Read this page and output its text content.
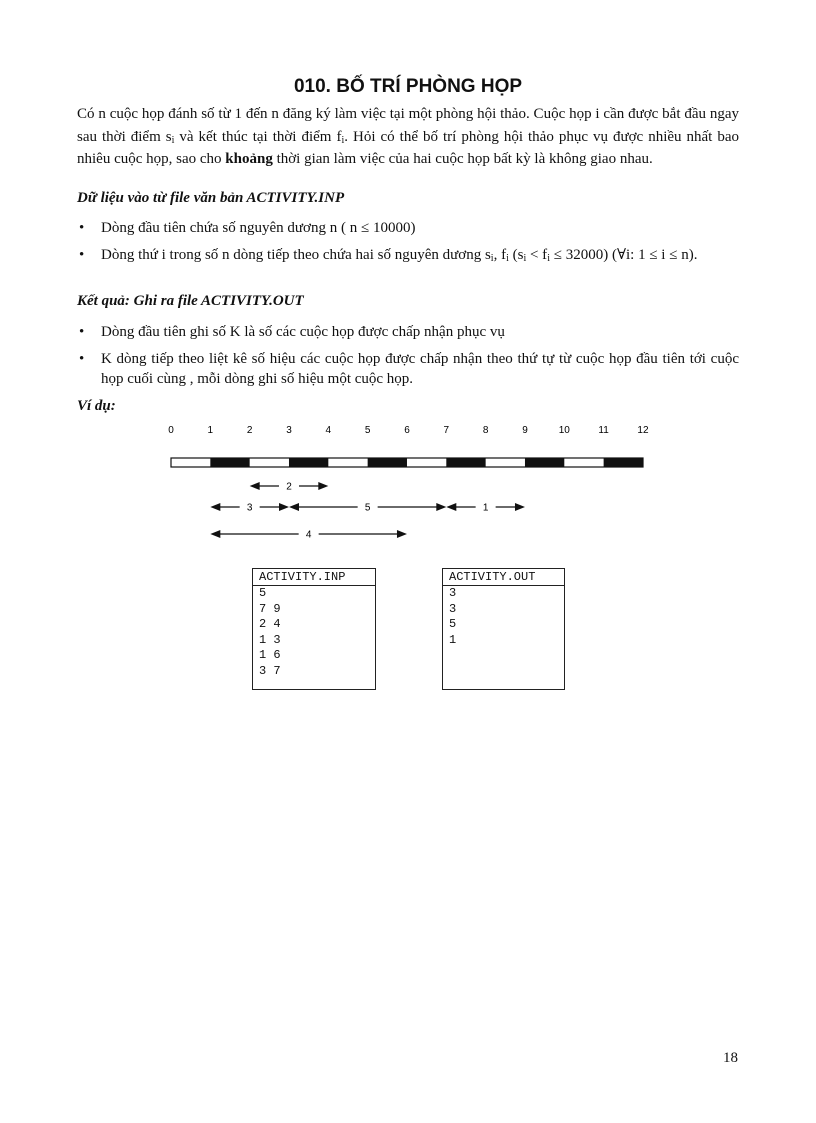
010. BỐ TRÍ PHÒNG HỌP

Có n cuộc họp đánh số từ 1 đến n đăng ký làm việc tại một phòng hội thảo. Cuộc họp i cần được bắt đầu ngay sau thời điểm $s_i$ và kết thúc tại thời điểm $f_i$. Hỏi có thể bố trí phòng hội thảo phục vụ được nhiều nhất bao nhiêu cuộc họp, sao cho khoảng thời gian làm việc của hai cuộc họp bất kỳ là không giao nhau.

Dữ liệu vào từ file văn bản ACTIVITY.INP
• Dòng đầu tiên chứa số nguyên dương n ( n ≤ 10000)
• Dòng thứ i trong số n dòng tiếp theo chứa hai số nguyên dương $s_i$, $f_i$ $(s_i < f_i \le 32000)$ (∀i: 1 ≤ i ≤ n).
Kết quả: Ghi ra file ACTIVITY.OUT
• Dòng đầu tiên ghi số K là số các cuộc họp được chấp nhận phục vụ
• K dòng tiếp theo liệt kê số hiệu các cuộc họp được chấp nhận theo thứ tự từ cuộc họp đầu tiên tới cuộc họp cuối cùng , mỗi dòng ghi số hiệu một cuộc họp.
Ví dụ:
0	1	2	3	4	5	6	7	8	9	10	11	12
2
3	5	1
4
ACTIVITY.INP
5
7 9
2 4
1 3
1 6
3 7
ACTIVITY.OUT
3
3
5
1
18
